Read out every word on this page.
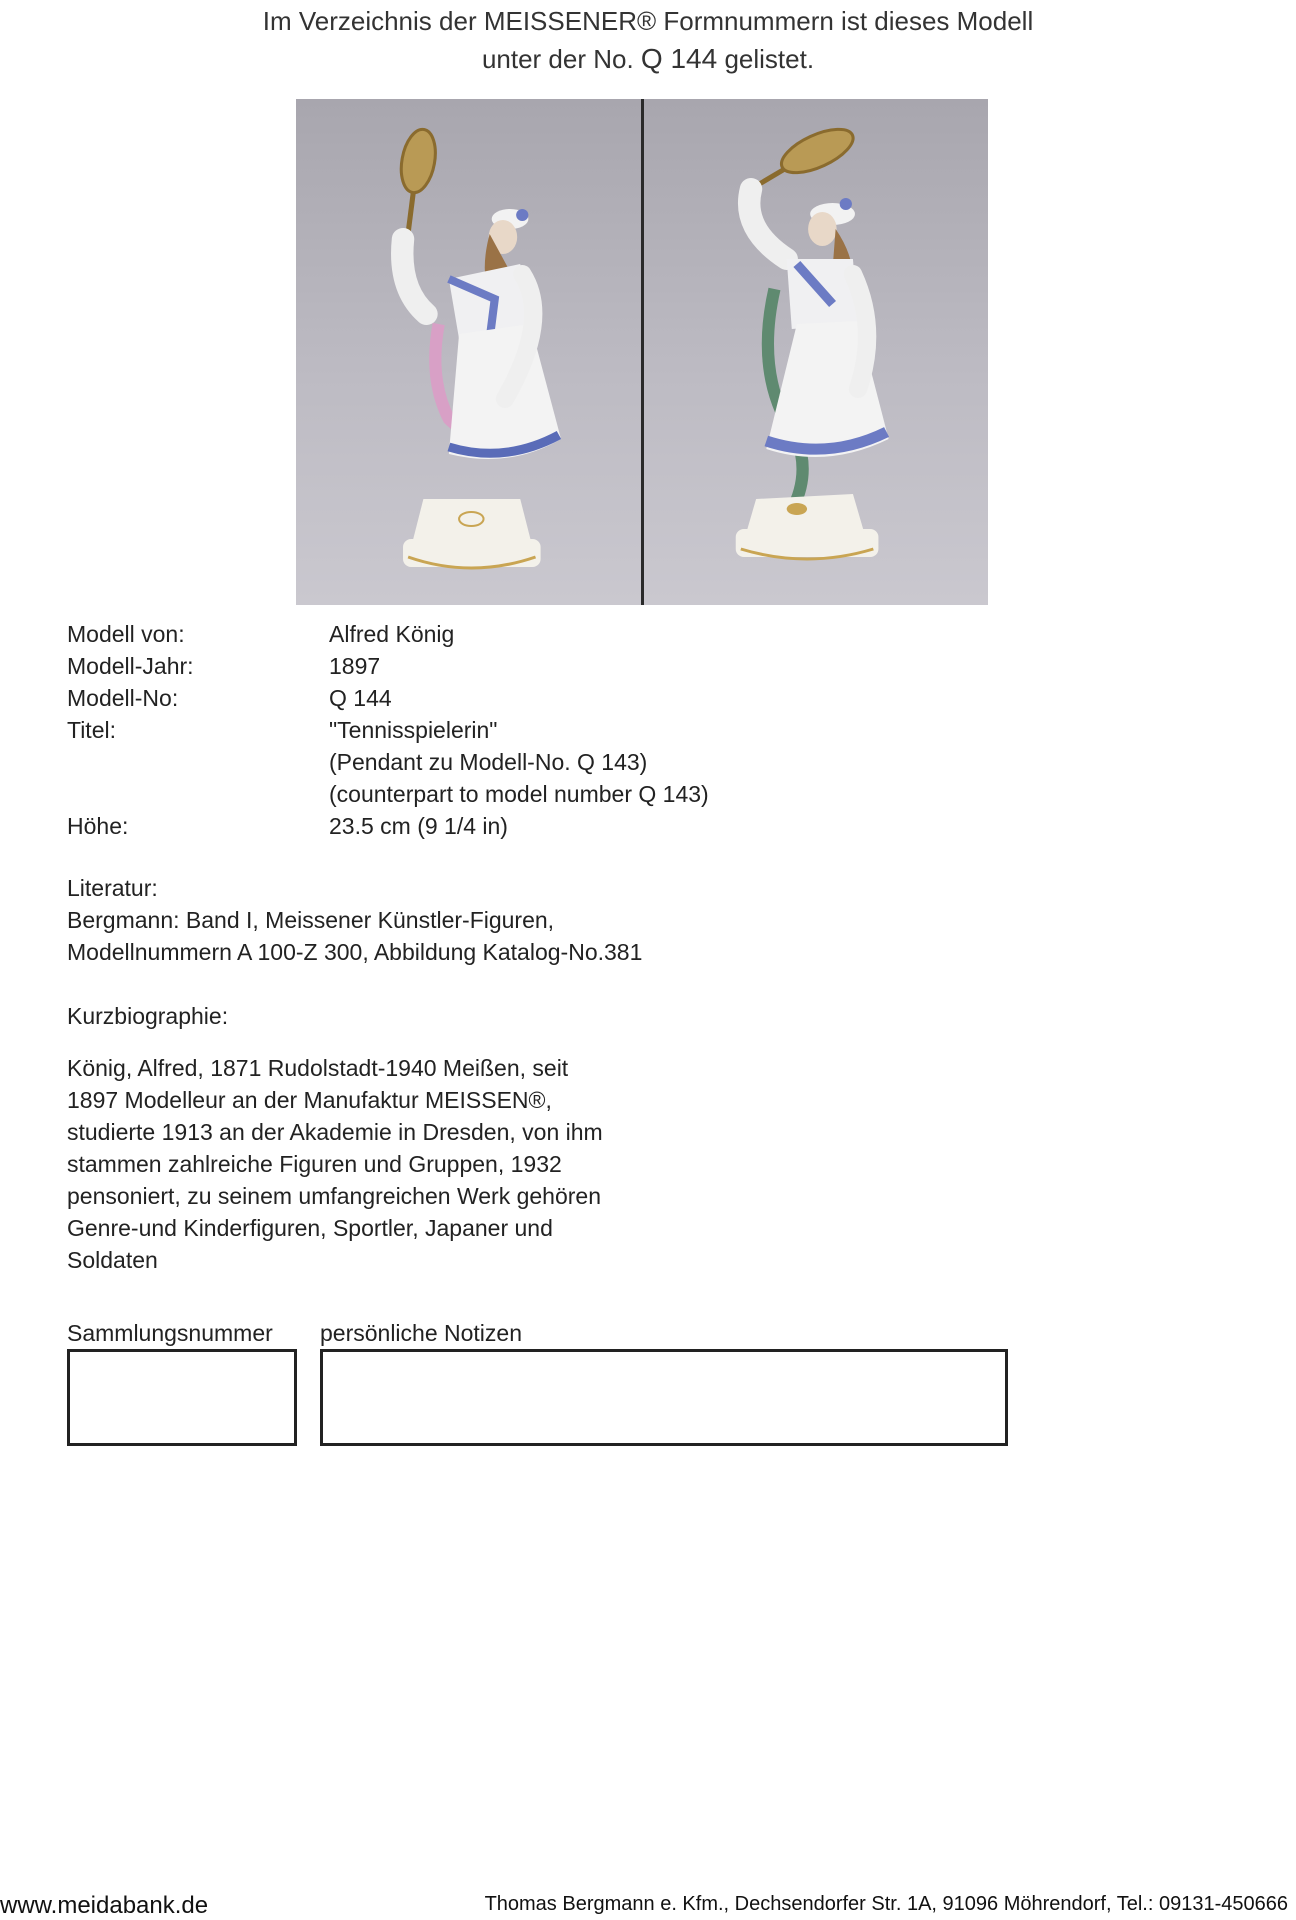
Im Verzeichnis der MEISSENER® Formnummern ist dieses Modell
unter der No. Q 144 gelistet.
Modell von:	Alfred König
Modell-Jahr:	1897
Modell-No:	Q 144
Titel:	"Tennisspielerin"
(Pendant zu Modell-No. Q 143)
(counterpart to model number Q 143)
Höhe:	23.5 cm (9 1/4 in)
Literatur:
Bergmann: Band I, Meissener Künstler-Figuren,
Modellnummern A 100-Z 300, Abbildung Katalog-No.381
Kurzbiographie:
König, Alfred, 1871 Rudolstadt-1940 Meißen, seit
1897 Modelleur an der Manufaktur MEISSEN®,
studierte 1913 an der Akademie in Dresden, von ihm
stammen zahlreiche Figuren und Gruppen, 1932
pensoniert, zu seinem umfangreichen Werk gehören
Genre-und Kinderfiguren, Sportler, Japaner und
Soldaten
Sammlungsnummer persönliche Notizen
www.meidabank.de	Thomas Bergmann e. Kfm., Dechsendorfer Str. 1A, 91096 Möhrendorf, Tel.: 09131-450666
